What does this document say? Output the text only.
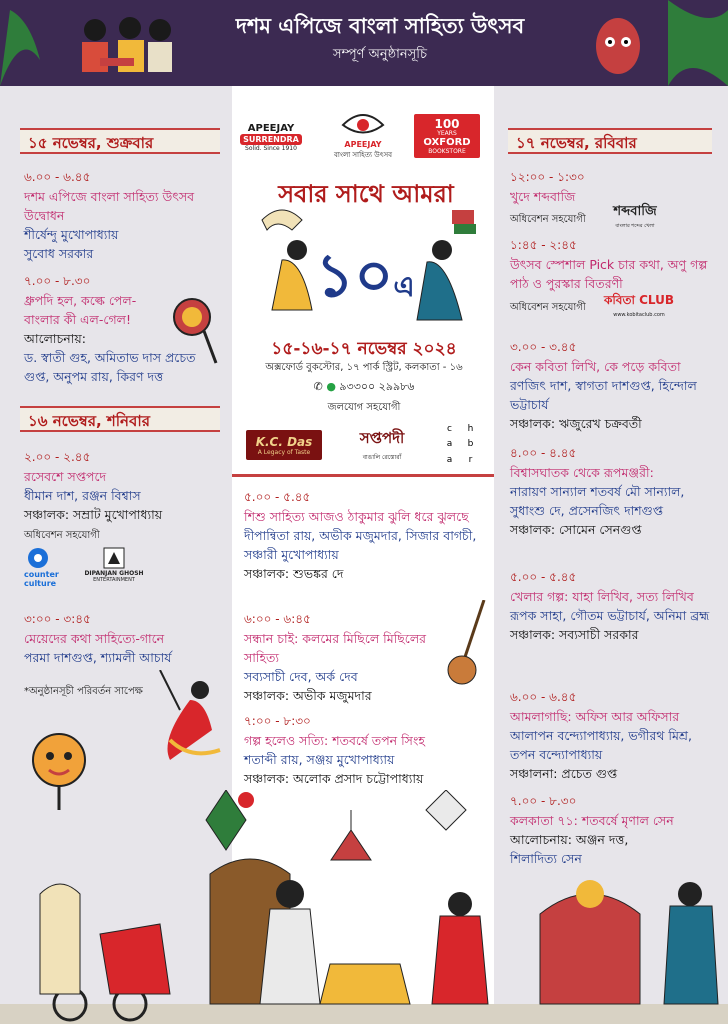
দশম এপিজে বাংলা সাহিত্য উৎসব
সম্পূর্ণ অনুষ্ঠানসূচি
১৫ নভেম্বর, শুক্রবার
৬.০০ - ৬.৪৫
দশম এপিজে বাংলা সাহিত্য উৎসব উদ্বোধন
শীর্ষেন্দু মুখোপাধ্যায়
সুবোধ সরকার
৭.০০ - ৮.৩০
ধ্রুপদি হল, কল্কে পেল- বাংলার কী এল-গেল!
আলোচনায়:
ড. স্বাতী গুহ, অমিতাভ দাস প্রচেত গুপ্ত, অনুপম রায়, কিরণ দত্ত
১৬ নভেম্বর, শনিবার
২.০০ - ২.৪৫
রসেবশে সপ্তপদে
ধীমান দাশ, রঞ্জন বিশ্বাস
সঞ্চালক: সম্রাট মুখোপাধ্যায়
অধিবেশন সহযোগী
counter culture
DIPANJAN GHOSH
ENTERTAINMENT
৩:০০ - ৩:৪৫
মেয়েদের কথা সাহিত্যে-গানে
পরমা দাশগুপ্ত, শ্যামলী আচার্য
*অনুষ্ঠানসূচী পরিবর্তন সাপেক্ষ
APEEJAY
SURRENDRA
Solid. Since 1910	APEEJAY
বাংলা সাহিত্য উৎসব
100
YEARS
OXFORD
BOOKSTORE
সবার সাথে আমরা
১০এ
১৫-১৬-১৭ নভেম্বর ২০২৪
অক্সফোর্ড বুকস্টোর, ১৭ পার্ক স্ট্রিট, কলকাতা - ১৬
✆ ● ৯৩৩০০ ২৯৯৮৬
জলযোগ সহযোগী
K.C. Das
A Legacy of Taste
সপ্তপদী
বাঙালি রেস্তোরাঁ
c	h
a	b
a	r
৫.০০ - ৫.৪৫
শিশু সাহিত্য আজও ঠাকুমার ঝুলি ধরে ঝুলছে
দীপান্বিতা রায়, অভীক মজুমদার, সিজার বাগচী, সঞ্চারী মুখোপাধ্যায়
সঞ্চালক: শুভঙ্কর দে
৬:০০ - ৬:৪৫
সন্ধান চাই: কলমের মিছিলে মিছিলের সাহিত্য
সব্যসাচী দেব, অর্ক দেব
সঞ্চালক: অভীক মজুমদার
৭:০০ - ৮:৩০
গল্প হলেও সত্যি: শতবর্ষে তপন সিংহ
শতাব্দী রায়, সঞ্জয় মুখোপাধ্যায়
সঞ্চালক: অলোক প্রসাদ চট্টোপাধ্যায়
১৭ নভেম্বর, রবিবার
১২:০০ - ১:৩০
খুদে শব্দবাজি
অধিবেশন সহযোগী
শব্দবাজি
বাংলার শব্দের খেলা
১:৪৫ - ২:৪৫
উৎসব স্পেশাল Pick চার কথা, অণু গল্প পাঠ ও পুরস্কার বিতরণী
অধিবেশন সহযোগী
কবিতা CLUB
www.kobitaclub.com
৩.০০ - ৩.৪৫
কেন কবিতা লিখি, কে পড়ে কবিতা
রণজিৎ দাশ, স্বাগতা দাশগুপ্ত, হিন্দোল ভট্টাচার্য
সঞ্চালক: ঋজুরেখ চক্রবর্তী
৪.০০ - ৪.৪৫
বিশ্বাসঘাতক থেকে রূপমঞ্জরী:
নারায়ণ সান্যাল শতবর্ষ মৌ সান্যাল, সুধাংশু দে, প্রসেনজিৎ দাশগুপ্ত
সঞ্চালক: সোমেন সেনগুপ্ত
৫.০০ - ৫.৪৫
খেলার গল্প: যাহা লিখিব, সত্য লিখিব
রূপক সাহা, গৌতম ভট্টাচার্য, অনিমা ব্রহ্ম
সঞ্চালক: সব্যসাচী সরকার
৬.০০ - ৬.৪৫
আমলাগাছি: অফিস আর অফিসার
আলাপন বন্দ্যোপাধ্যায়, ভগীরথ মিশ্র, তপন বন্দ্যোপাধ্যায়
সঞ্চালনা: প্রচেত গুপ্ত
৭.০০ - ৮.৩০
কলকাতা ৭১: শতবর্ষে মৃণাল সেন
আলোচনায়: অঞ্জন দত্ত,
শিলাদিত্য সেন
